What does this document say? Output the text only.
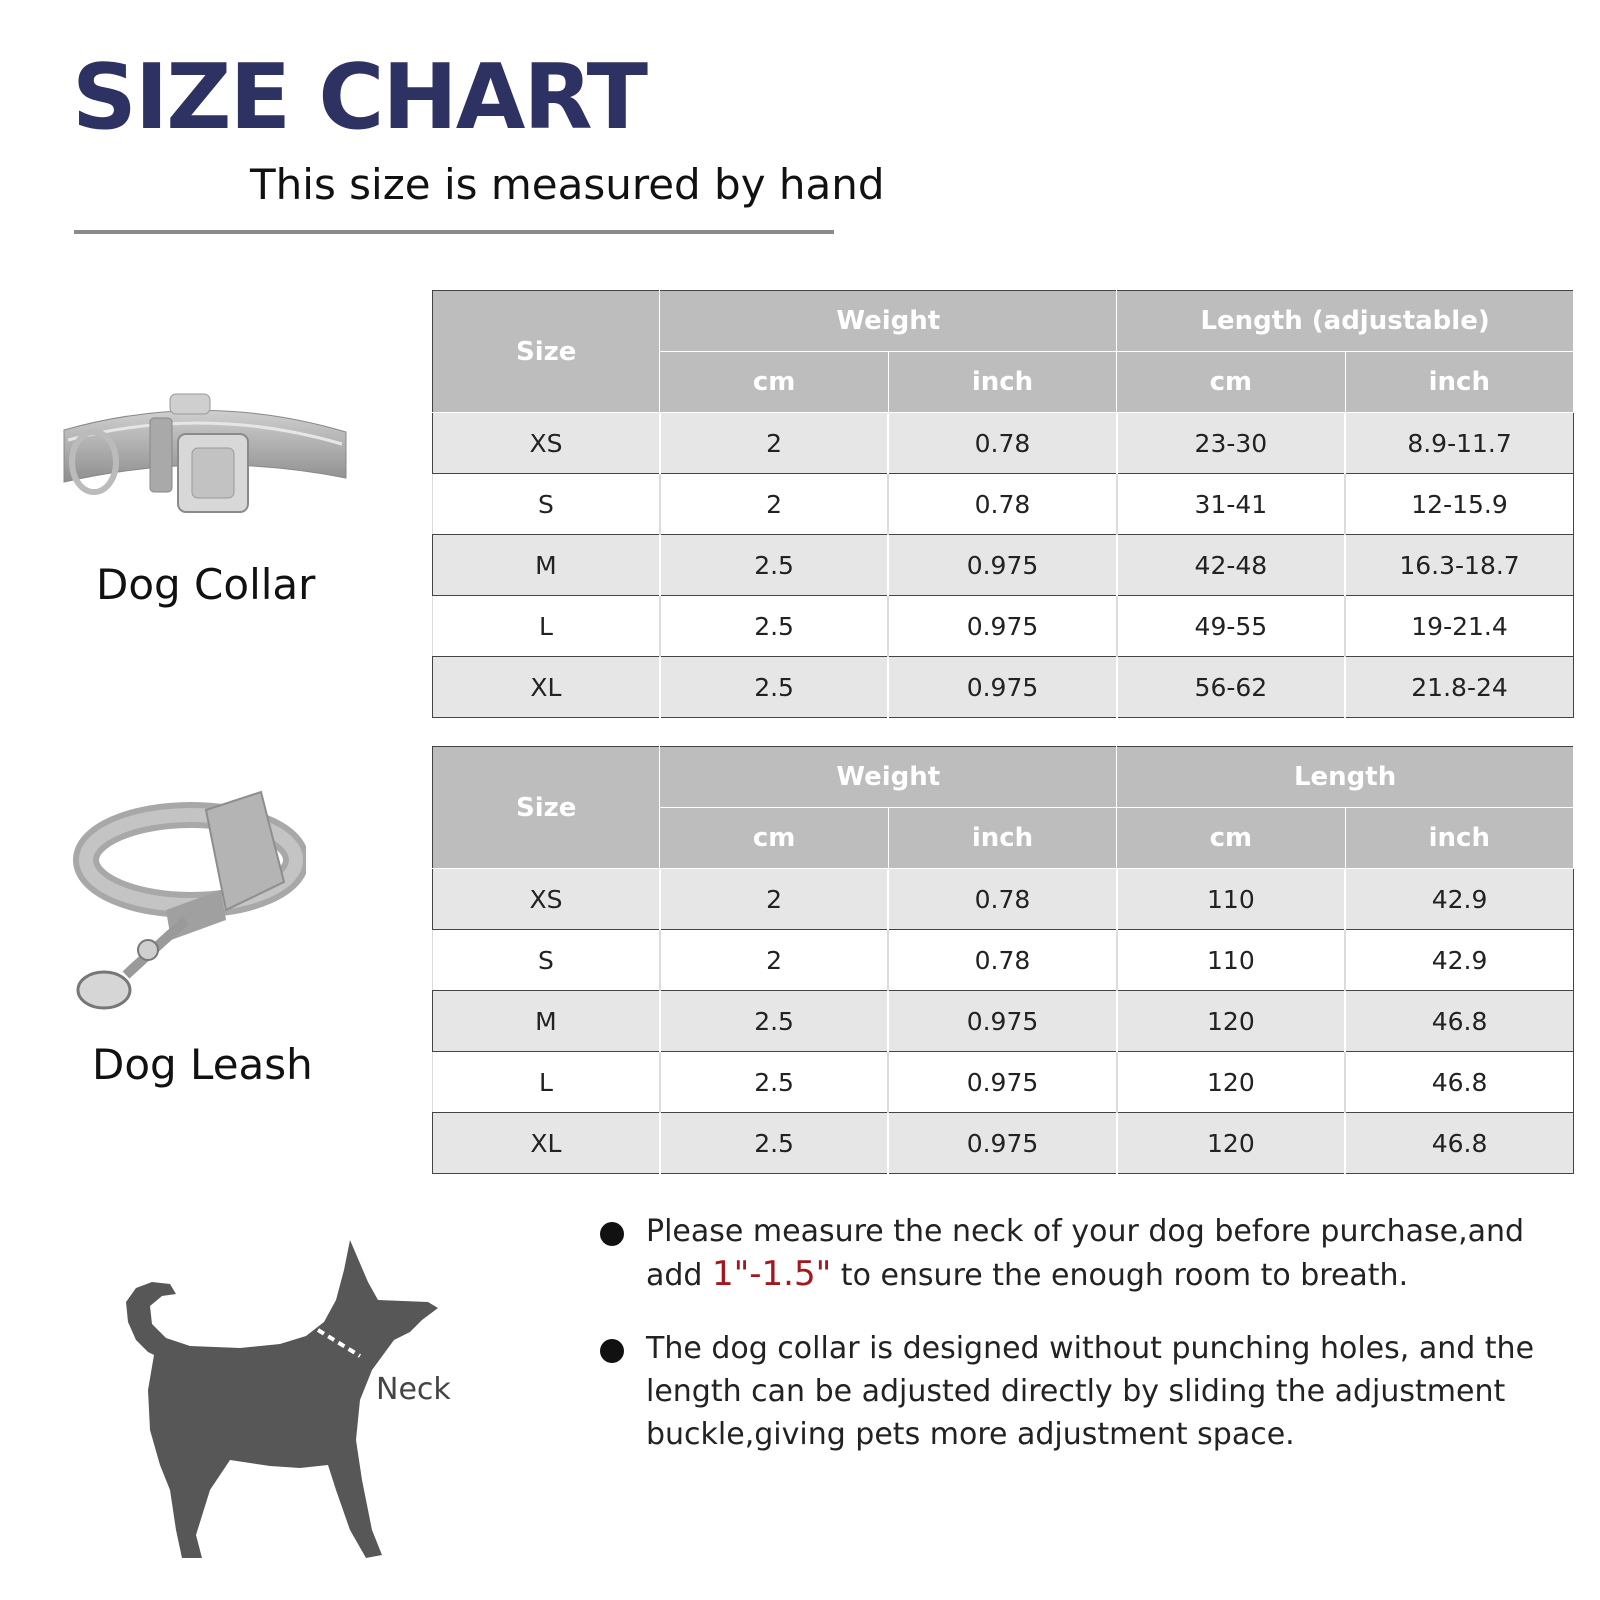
SIZE CHART
This size is measured by hand
Dog Collar
Dog Leash
Size	Weight		Length (adjustable)	
	cm	inch	cm	inch
XS	2	0.78	23-30	8.9-11.7
S	2	0.78	31-41	12-15.9
M	2.5	0.975	42-48	16.3-18.7
L	2.5	0.975	49-55	19-21.4
XL	2.5	0.975	56-62	21.8-24
Size	Weight		Length	
	cm	inch	cm	inch
XS	2	0.78	110	42.9
S	2	0.78	110	42.9
M	2.5	0.975	120	46.8
L	2.5	0.975	120	46.8
XL	2.5	0.975	120	46.8
Neck
Please measure the neck of your dog before purchase,and add 1"-1.5" to ensure the enough room to breath.
The dog collar is designed without punching holes, and the length can be adjusted directly by sliding the adjustment buckle,giving pets more adjustment space.
